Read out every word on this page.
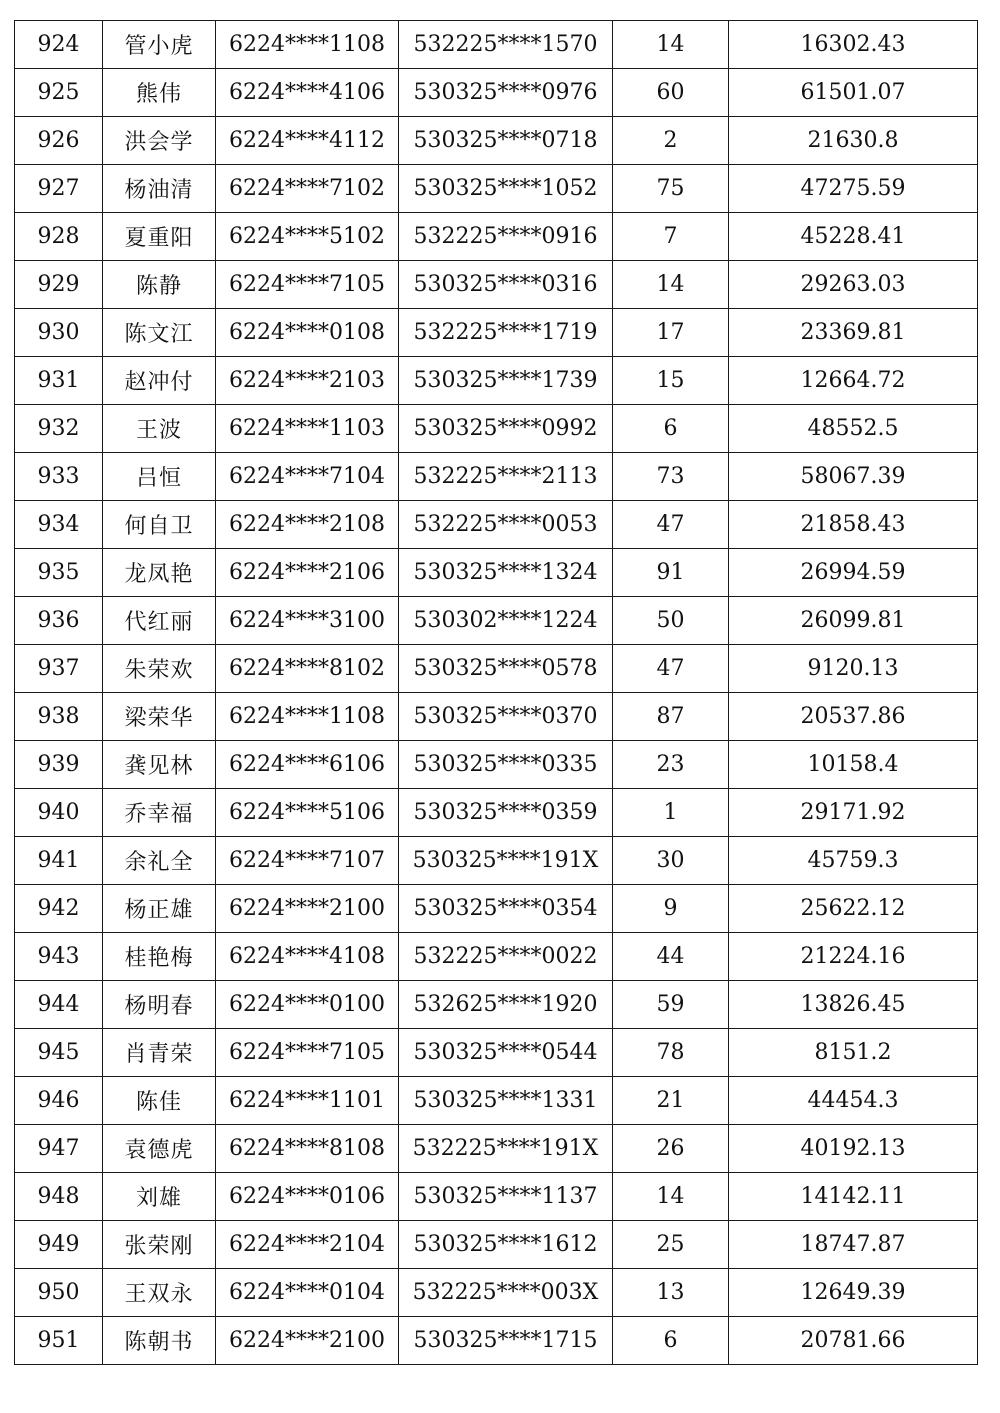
924	管小虎	6224****1108	532225****1570	14	16302.43
925	熊伟	6224****4106	530325****0976	60	61501.07
926	洪会学	6224****4112	530325****0718	2	21630.8
927	杨油清	6224****7102	530325****1052	75	47275.59
928	夏重阳	6224****5102	532225****0916	7	45228.41
929	陈静	6224****7105	530325****0316	14	29263.03
930	陈文江	6224****0108	532225****1719	17	23369.81
931	赵冲付	6224****2103	530325****1739	15	12664.72
932	王波	6224****1103	530325****0992	6	48552.5
933	吕恒	6224****7104	532225****2113	73	58067.39
934	何自卫	6224****2108	532225****0053	47	21858.43
935	龙凤艳	6224****2106	530325****1324	91	26994.59
936	代红丽	6224****3100	530302****1224	50	26099.81
937	朱荣欢	6224****8102	530325****0578	47	9120.13
938	梁荣华	6224****1108	530325****0370	87	20537.86
939	龚见林	6224****6106	530325****0335	23	10158.4
940	乔幸福	6224****5106	530325****0359	1	29171.92
941	余礼全	6224****7107	530325****191X	30	45759.3
942	杨正雄	6224****2100	530325****0354	9	25622.12
943	桂艳梅	6224****4108	532225****0022	44	21224.16
944	杨明春	6224****0100	532625****1920	59	13826.45
945	肖青荣	6224****7105	530325****0544	78	8151.2
946	陈佳	6224****1101	530325****1331	21	44454.3
947	袁德虎	6224****8108	532225****191X	26	40192.13
948	刘雄	6224****0106	530325****1137	14	14142.11
949	张荣刚	6224****2104	530325****1612	25	18747.87
950	王双永	6224****0104	532225****003X	13	12649.39
951	陈朝书	6224****2100	530325****1715	6	20781.66
